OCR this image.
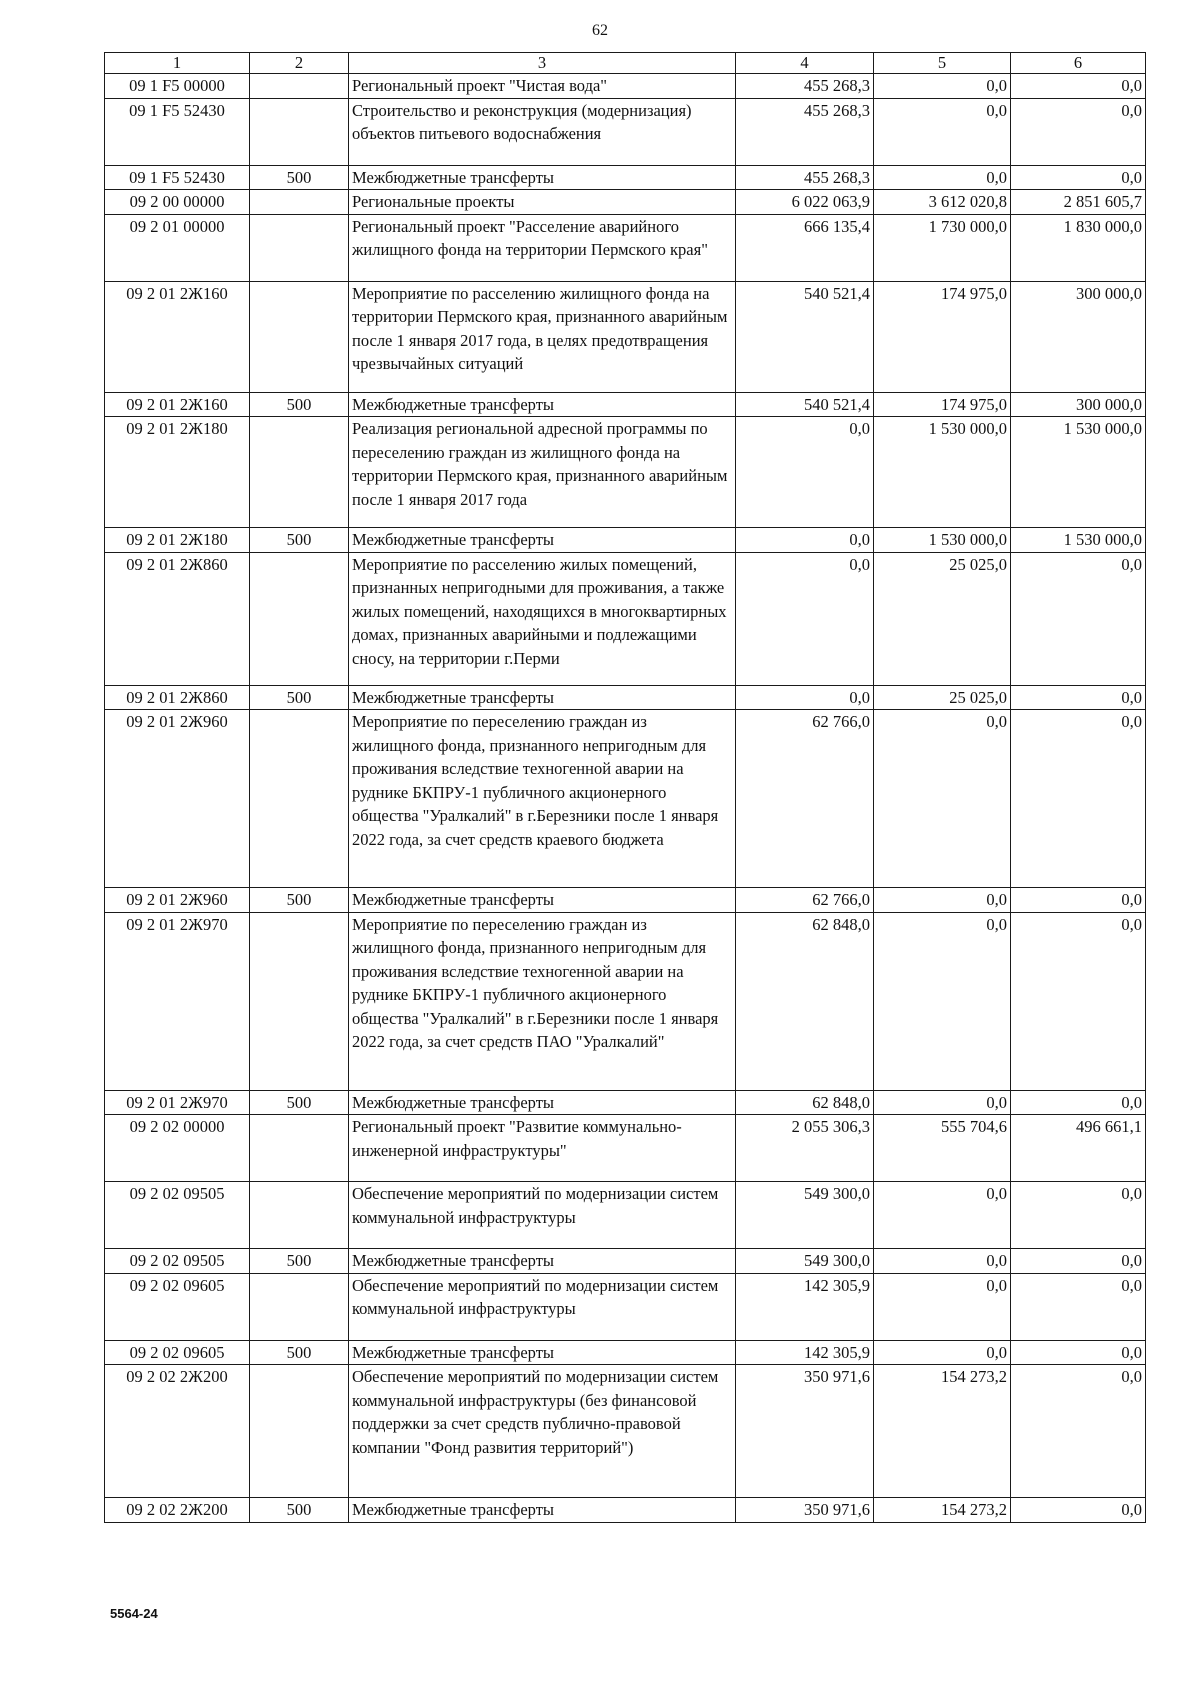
62
1	2	3	4	5	6
09 1 F5 00000		Региональный проект "Чистая вода"	455 268,3	0,0	0,0
09 1 F5 52430		Строительство и реконструкция (модернизация) объектов питьевого водоснабжения	455 268,3	0,0	0,0
09 1 F5 52430	500	Межбюджетные трансферты	455 268,3	0,0	0,0
09 2 00 00000		Региональные проекты	6 022 063,9	3 612 020,8	2 851 605,7
09 2 01 00000		Региональный проект "Расселение аварийного жилищного фонда на территории Пермского края"	666 135,4	1 730 000,0	1 830 000,0
09 2 01 2Ж160		Мероприятие по расселению жилищного фонда на территории Пермского края, признанного аварийным после 1 января 2017 года, в целях предотвращения чрезвычайных ситуаций	540 521,4	174 975,0	300 000,0
09 2 01 2Ж160	500	Межбюджетные трансферты	540 521,4	174 975,0	300 000,0
09 2 01 2Ж180		Реализация региональной адресной программы по переселению граждан из жилищного фонда на территории Пермского края, признанного аварийным после 1 января 2017 года	0,0	1 530 000,0	1 530 000,0
09 2 01 2Ж180	500	Межбюджетные трансферты	0,0	1 530 000,0	1 530 000,0
09 2 01 2Ж860		Мероприятие по расселению жилых помещений, признанных непригодными для проживания, а также жилых помещений, находящихся в многоквартирных домах, признанных аварийными и подлежащими сносу, на территории г.Перми	0,0	25 025,0	0,0
09 2 01 2Ж860	500	Межбюджетные трансферты	0,0	25 025,0	0,0
09 2 01 2Ж960		Мероприятие по переселению граждан из жилищного фонда, признанного непригодным для проживания вследствие техногенной аварии на руднике БКПРУ-1 публичного акционерного общества "Уралкалий" в г.Березники после 1 января 2022 года, за счет средств краевого бюджета	62 766,0	0,0	0,0
09 2 01 2Ж960	500	Межбюджетные трансферты	62 766,0	0,0	0,0
09 2 01 2Ж970		Мероприятие по переселению граждан из жилищного фонда, признанного непригодным для проживания вследствие техногенной аварии на руднике БКПРУ-1 публичного акционерного общества "Уралкалий" в г.Березники после 1 января 2022 года, за счет средств ПАО "Уралкалий"	62 848,0	0,0	0,0
09 2 01 2Ж970	500	Межбюджетные трансферты	62 848,0	0,0	0,0
09 2 02 00000		Региональный проект "Развитие коммунально-инженерной инфраструктуры"	2 055 306,3	555 704,6	496 661,1
09 2 02 09505		Обеспечение мероприятий по модернизации систем коммунальной инфраструктуры	549 300,0	0,0	0,0
09 2 02 09505	500	Межбюджетные трансферты	549 300,0	0,0	0,0
09 2 02 09605		Обеспечение мероприятий по модернизации систем коммунальной инфраструктуры	142 305,9	0,0	0,0
09 2 02 09605	500	Межбюджетные трансферты	142 305,9	0,0	0,0
09 2 02 2Ж200		Обеспечение мероприятий по модернизации систем коммунальной инфраструктуры (без финансовой поддержки за счет средств публично-правовой компании "Фонд развития территорий")	350 971,6	154 273,2	0,0
09 2 02 2Ж200	500	Межбюджетные трансферты	350 971,6	154 273,2	0,0
5564-24
